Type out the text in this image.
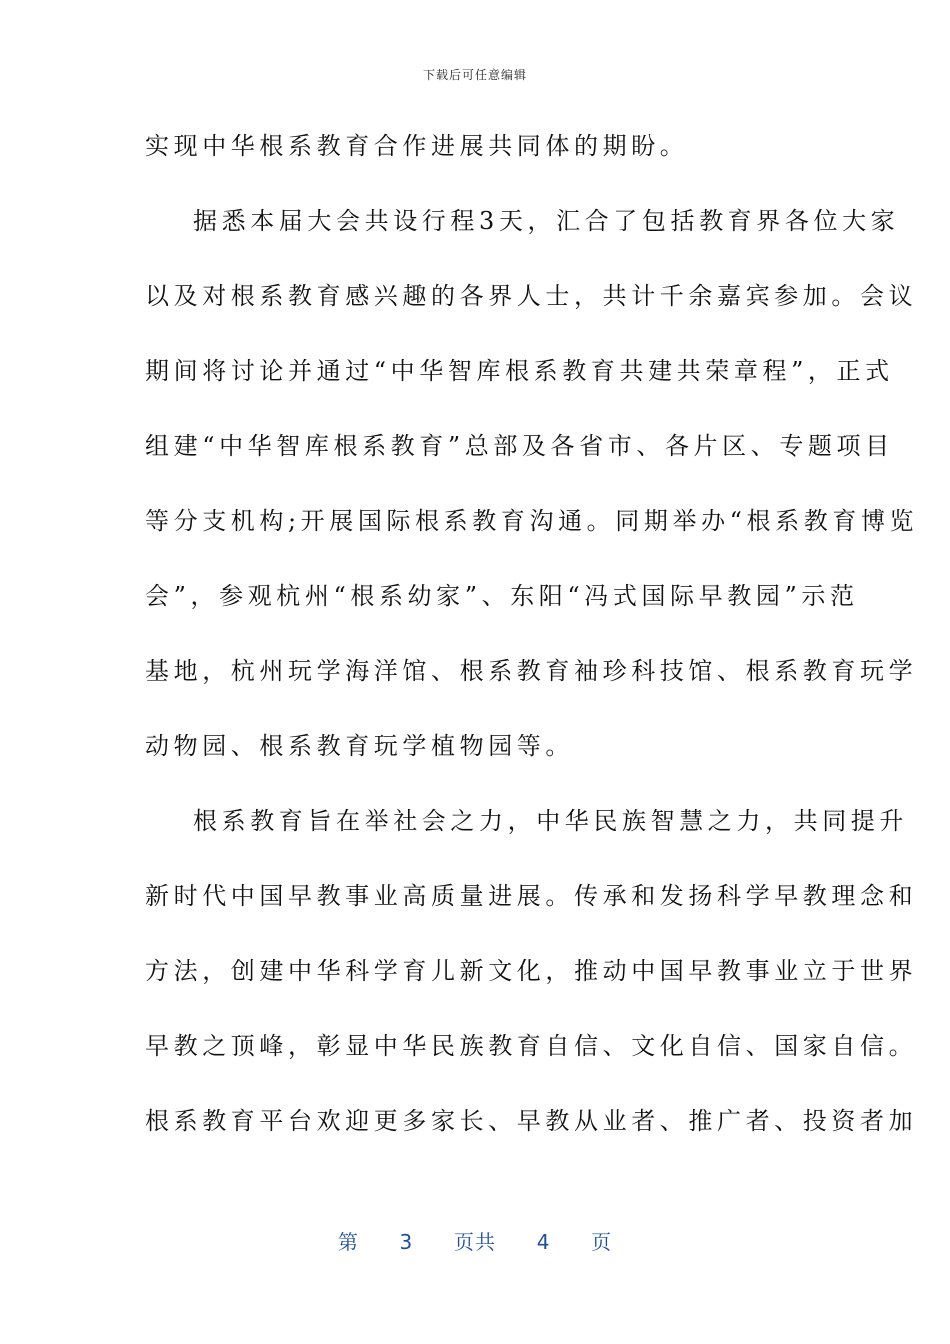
下载后可任意编辑
实现中华根系教育合作进展共同体的期盼。
据悉本届大会共设行程3天，汇合了包括教育界各位大家
以及对根系教育感兴趣的各界人士，共计千余嘉宾参加。会议
期间将讨论并通过“中华智库根系教育共建共荣章程”，正式
组建“中华智库根系教育”总部及各省市、各片区、专题项目
等分支机构;开展国际根系教育沟通。同期举办“根系教育博览
会”，参观杭州“根系幼家”、东阳“冯式国际早教园”示范
基地，杭州玩学海洋馆、根系教育袖珍科技馆、根系教育玩学
动物园、根系教育玩学植物园等。
根系教育旨在举社会之力，中华民族智慧之力，共同提升
新时代中国早教事业高质量进展。传承和发扬科学早教理念和
方法，创建中华科学育儿新文化，推动中国早教事业立于世界
早教之顶峰，彰显中华民族教育自信、文化自信、国家自信。
根系教育平台欢迎更多家长、早教从业者、推广者、投资者加
第 3 页共 4 页
